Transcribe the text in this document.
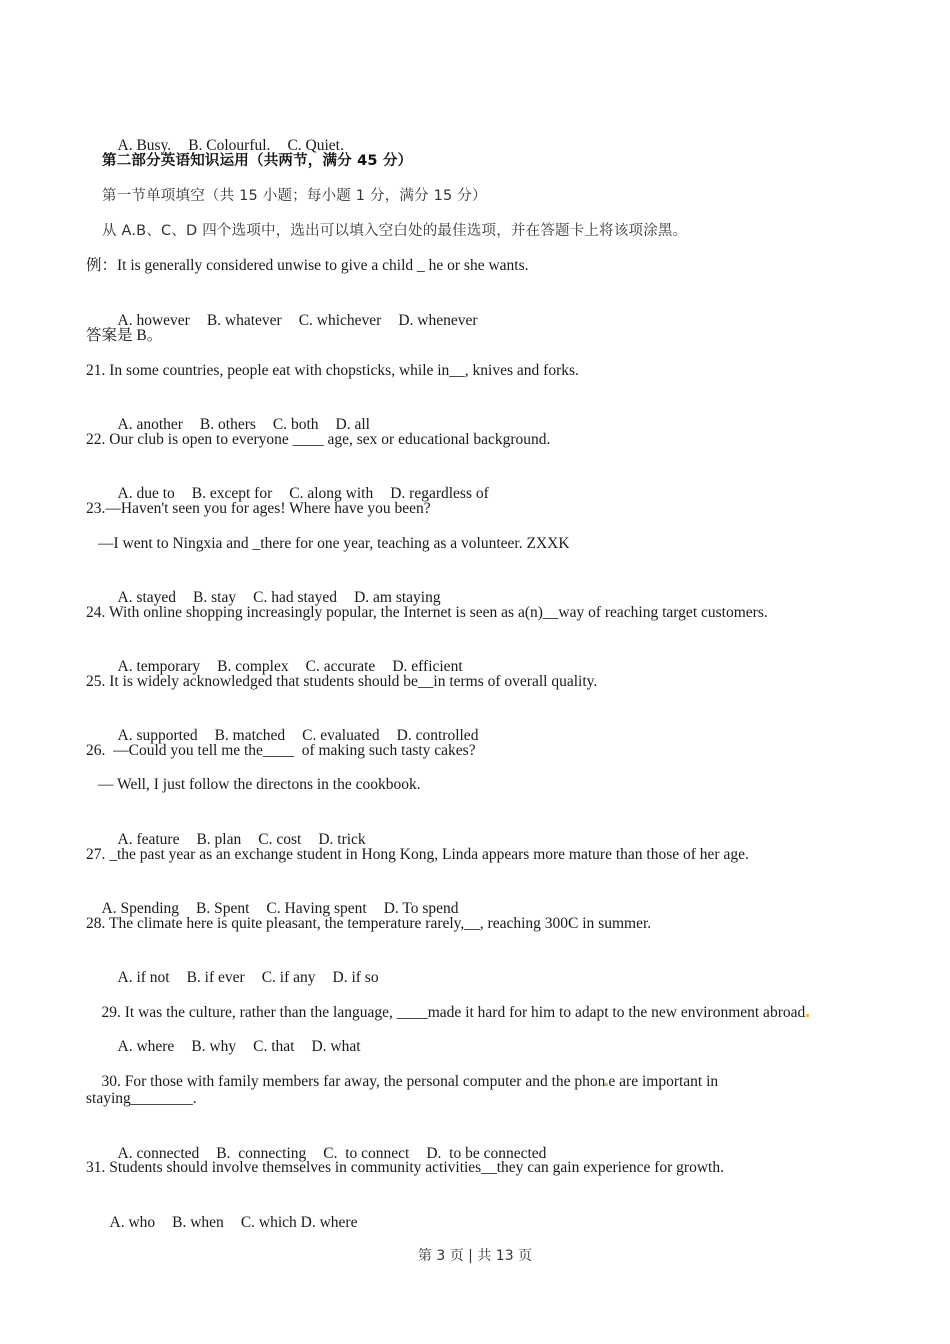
A. Busy. B. Colourful. C. Quiet.

第二部分英语知识运用（共两节，满分 45 分）
第一节单项填空（共 15 小题；每小题 1 分，满分 15 分）
从 A.B、C、D 四个选项中，选出可以填入空白处的最佳选项，并在答题卡上将该项涂黑。
例：It is generally considered unwise to give a child _ he or she wants.

A. however B. whatever C. whichever D. whenever

答案是 B。
21. In some countries, people eat with chopsticks, while in__, knives and forks.

A. another B. others C. both D. all

22. Our club is open to everyone ____ age, sex or educational background.

A. due to B. except for C. along with D. regardless of

23.—Haven't seen you for ages! Where have you been?
—I went to Ningxia and _there for one year, teaching as a volunteer. ZXXK

A. stayed B. stay C. had stayed D. am staying

24. With online shopping increasingly popular, the Internet is seen as a(n)__way of reaching target customers.

A. temporary B. complex C. accurate D. efficient

25. It is widely acknowledged that students should be__in terms of overall quality.

A. supported B. matched C. evaluated D. controlled

26.  —Could you tell me the____  of making such tasty cakes?
— Well, I just follow the directons in the cookbook.

A. feature B. plan C. cost D. trick

27. _the past year as an exchange student in Hong Kong, Linda appears more mature than those of her age.

A. Spending B. Spent C. Having spent D. To spend

28. The climate here is quite pleasant, the temperature rarely,__, reaching 300C in summer.

A. if not B. if ever C. if any D. if so

29. It was the culture, rather than the language, ____made it hard for him to adapt to the new environment abroad

A. where B. why C. that D. what

30. For those with family members far away, the personal computer and the phon e are important in

staying________.

A. connected B.  connecting C.  to connect D.  to be connected

31. Students should involve themselves in community activities__they can gain experience for growth.

A. who B. when C. which D. where

第 3 页 | 共 13 页
